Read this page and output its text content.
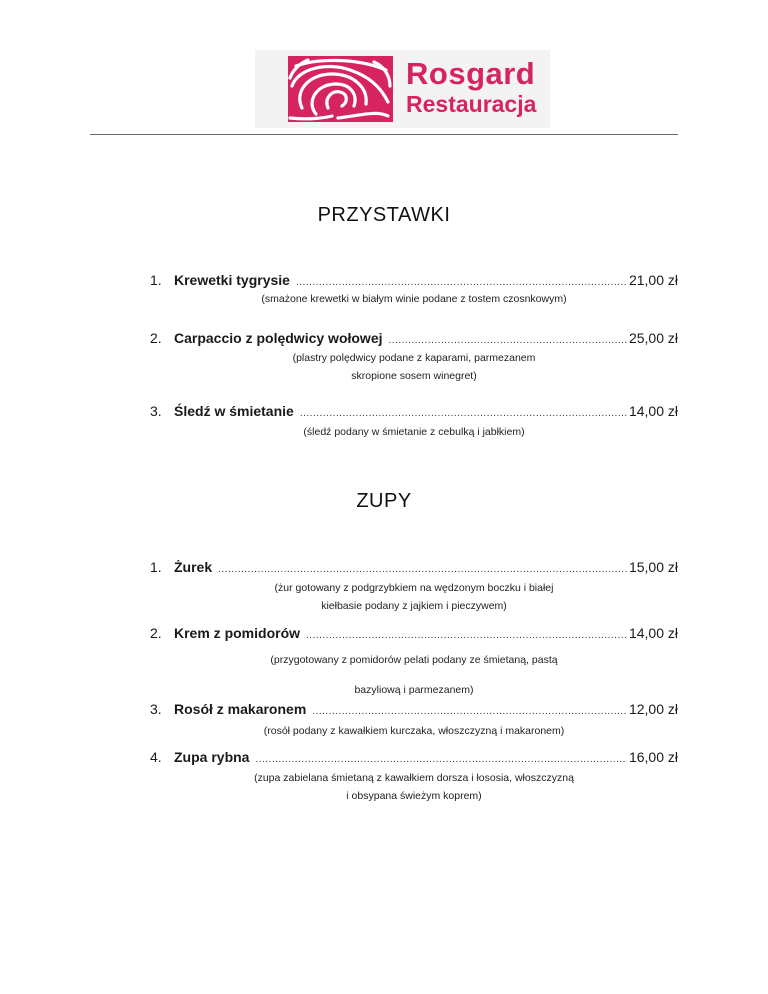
Rosgard
Restauracja
PRZYSTAWKI
1. Krewetki tygrysie .....	21,00 zł
(smażone krewetki w białym winie podane z tostem czosnkowym)
2. Carpaccio z polędwicy wołowej .....	25,00 zł
(plastry polędwicy podane z kaparami, parmezanem
skropione sosem winegret)
3. Śledź w śmietanie .....	14,00 zł
(śledź podany w śmietanie z cebulką i jabłkiem)
ZUPY
1. Żurek .....	15,00 zł
(żur gotowany z podgrzybkiem na wędzonym boczku i białej
kiełbasie podany z jajkiem i pieczywem)
2. Krem z pomidorów .....	14,00 zł
(przygotowany z pomidorów pelati podany ze śmietaną, pastą
bazyliową i parmezanem)
3. Rosół z makaronem .....	12,00 zł
(rosół podany z kawałkiem kurczaka, włoszczyzną i makaronem)
4. Zupa rybna .....	16,00 zł
(zupa zabielana śmietaną z kawałkiem dorsza i łososia, włoszczyzną
i obsypana świeżym koprem)
